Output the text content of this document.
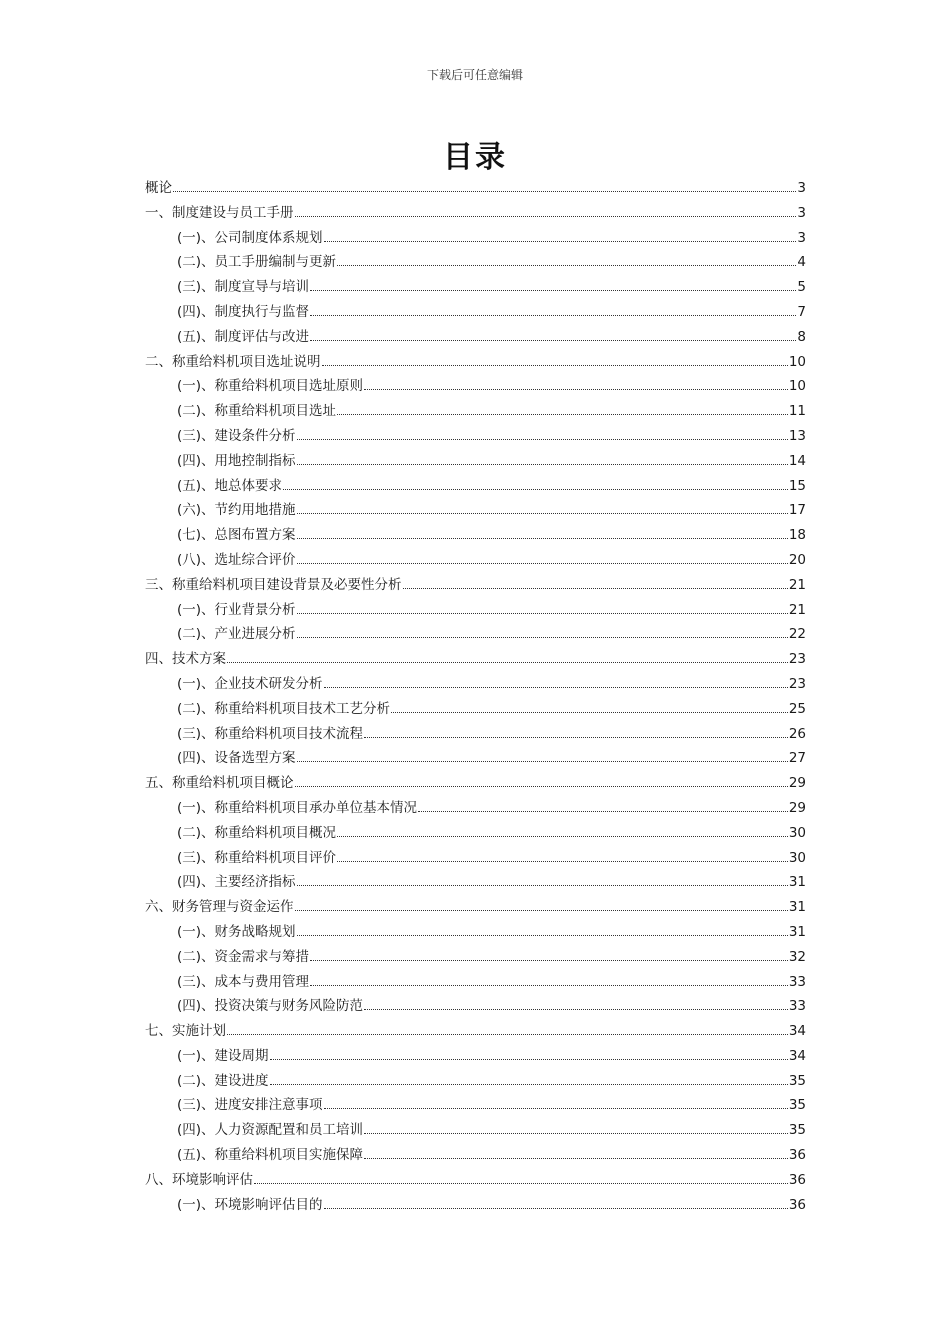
下载后可任意编辑
目录
概论	3
一、制度建设与员工手册	3
(一)、公司制度体系规划	3
(二)、员工手册编制与更新	4
(三)、制度宣导与培训	5
(四)、制度执行与监督	7
(五)、制度评估与改进	8
二、称重给料机项目选址说明	10
(一)、称重给料机项目选址原则	10
(二)、称重给料机项目选址	11
(三)、建设条件分析	13
(四)、用地控制指标	14
(五)、地总体要求	15
(六)、节约用地措施	17
(七)、总图布置方案	18
(八)、选址综合评价	20
三、称重给料机项目建设背景及必要性分析	21
(一)、行业背景分析	21
(二)、产业进展分析	22
四、技术方案	23
(一)、企业技术研发分析	23
(二)、称重给料机项目技术工艺分析	25
(三)、称重给料机项目技术流程	26
(四)、设备选型方案	27
五、称重给料机项目概论	29
(一)、称重给料机项目承办单位基本情况	29
(二)、称重给料机项目概况	30
(三)、称重给料机项目评价	30
(四)、主要经济指标	31
六、财务管理与资金运作	31
(一)、财务战略规划	31
(二)、资金需求与筹措	32
(三)、成本与费用管理	33
(四)、投资决策与财务风险防范	33
七、实施计划	34
(一)、建设周期	34
(二)、建设进度	35
(三)、进度安排注意事项	35
(四)、人力资源配置和员工培训	35
(五)、称重给料机项目实施保障	36
八、环境影响评估	36
(一)、环境影响评估目的	36
